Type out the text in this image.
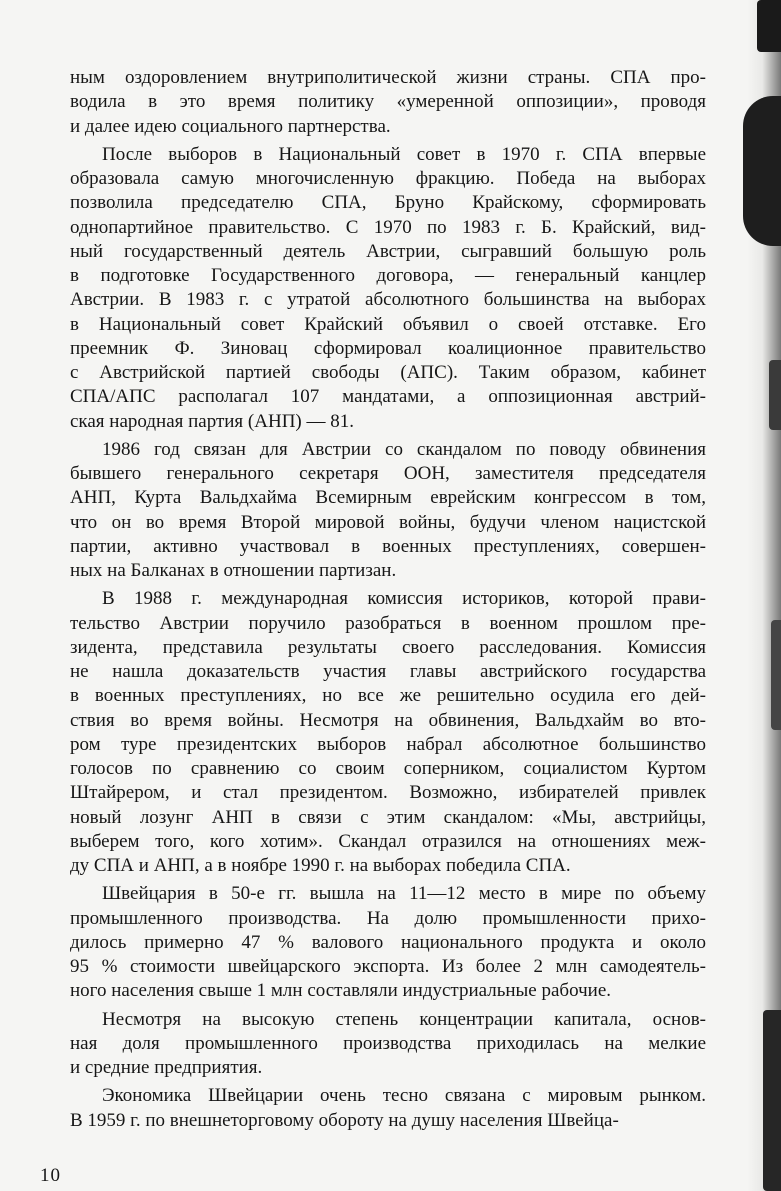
ным оздоровлением внутриполитической жизни страны. СПА про-
водила в это время политику «умеренной оппозиции», проводя
и далее идею социального партнерства.
После выборов в Национальный совет в 1970 г. СПА впервые
образовала самую многочисленную фракцию. Победа на выборах
позволила председателю СПА, Бруно Крайскому, сформировать
однопартийное правительство. С 1970 по 1983 г. Б. Крайский, вид-
ный государственный деятель Австрии, сыгравший большую роль
в подготовке Государственного договора, — генеральный канцлер
Австрии. В 1983 г. с утратой абсолютного большинства на выборах
в Национальный совет Крайский объявил о своей отставке. Его
преемник Ф. Зиновац сформировал коалиционное правительство
с Австрийской партией свободы (АПС). Таким образом, кабинет
СПА/АПС располагал 107 мандатами, а оппозиционная австрий-
ская народная партия (АНП) — 81.
1986 год связан для Австрии со скандалом по поводу обвинения
бывшего генерального секретаря ООН, заместителя председателя
АНП, Курта Вальдхайма Всемирным еврейским конгрессом в том,
что он во время Второй мировой войны, будучи членом нацистской
партии, активно участвовал в военных преступлениях, совершен-
ных на Балканах в отношении партизан.
В 1988 г. международная комиссия историков, которой прави-
тельство Австрии поручило разобраться в военном прошлом пре-
зидента, представила результаты своего расследования. Комиссия
не нашла доказательств участия главы австрийского государства
в военных преступлениях, но все же решительно осудила его дей-
ствия во время войны. Несмотря на обвинения, Вальдхайм во вто-
ром туре президентских выборов набрал абсолютное большинство
голосов по сравнению со своим соперником, социалистом Куртом
Штайрером, и стал президентом. Возможно, избирателей привлек
новый лозунг АНП в связи с этим скандалом: «Мы, австрийцы,
выберем того, кого хотим». Скандал отразился на отношениях меж-
ду СПА и АНП, а в ноябре 1990 г. на выборах победила СПА.
Швейцария в 50-е гг. вышла на 11—12 место в мире по объему
промышленного производства. На долю промышленности прихо-
дилось примерно 47 % валового национального продукта и около
95 % стоимости швейцарского экспорта. Из более 2 млн самодеятель-
ного населения свыше 1 млн составляли индустриальные рабочие.
Несмотря на высокую степень концентрации капитала, основ-
ная доля промышленного производства приходилась на мелкие
и средние предприятия.
Экономика Швейцарии очень тесно связана с мировым рынком.
В 1959 г. по внешнеторговому обороту на душу населения Швейца-
10
